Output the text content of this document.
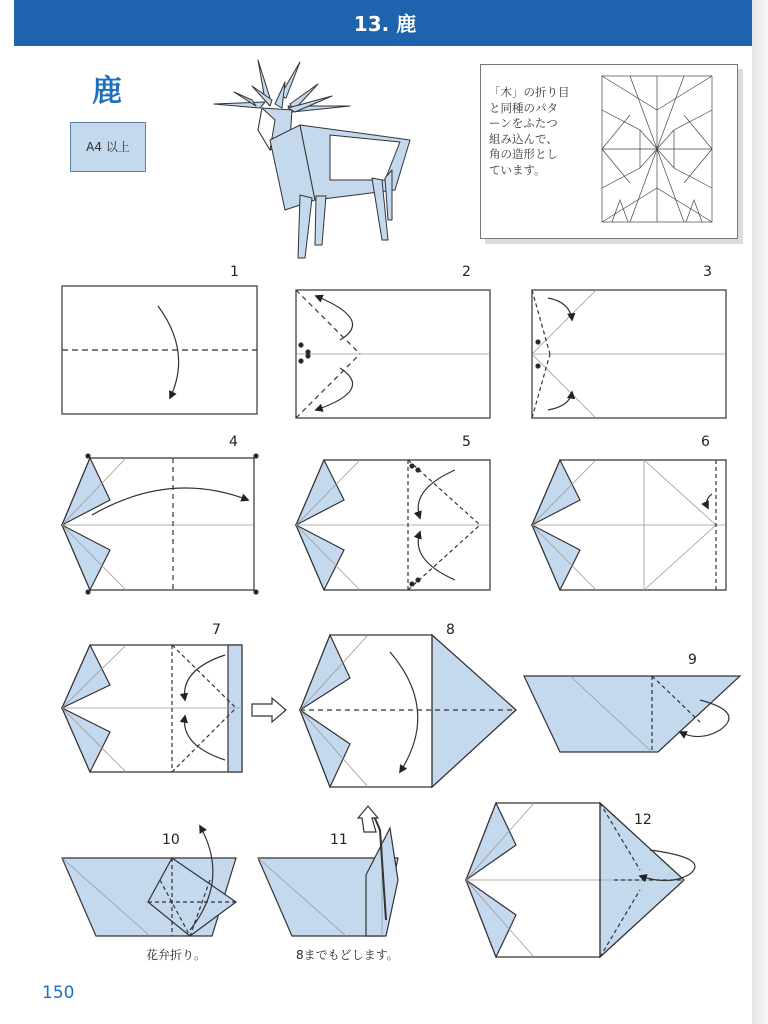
13. 鹿
鹿
A4 以上
「木」の折り目
と同種のパタ
ーンをふたつ
組み込んで、
角の造形とし
ています。
1	2	3
4	5	6
7	8
9
10	11
12
花弁折り。	8までもどします。
150
